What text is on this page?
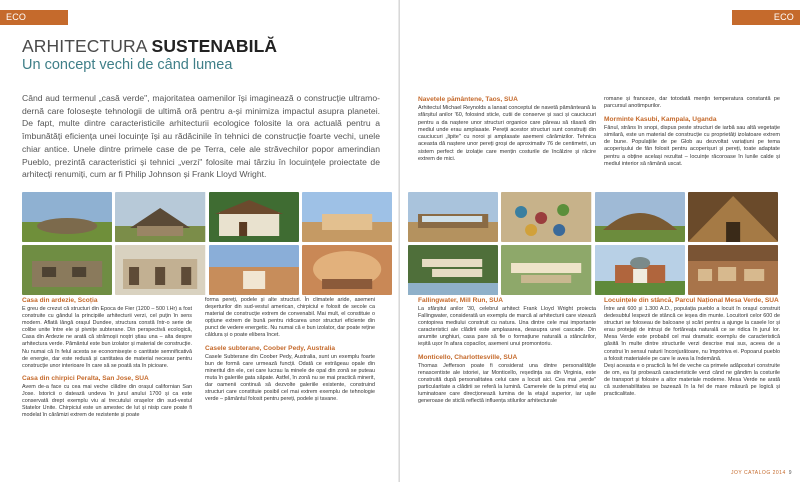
ECO ISTORIE
ARHITECTURA SUSTENABILĂ
Un concept vechi de când lumea
Când aud termenul „casă verde", majoritatea oamenilor își imaginează o construcție ultramodernă care folosește tehnologii de ultimă oră pentru a-și minimiza impactul asupra planetei. De fapt, multe dintre caracteristicile arhitecturii ecologice folosite la ora actuală pentru a îmbunătăți eficiența unei locuințe își au rădăcinile în tehnici de construcție foarte vechi, unele chiar antice. Unele dintre primele case de pe Terra, cele ale străvechilor popor amerindian Pueblo, prezintă caracteristici și tehnici „verzi" folosite mai târziu în locuințele proiectate de arhitecți renumiți, cum ar fi Philip Johnson și Frank Lloyd Wright.
Casa din ardezie, Scoția

E greu de crezut că structuri din Epoca de Fier (1200 – 500 î.Hr) a fost construite cu gândul la principiile arhitecturii verzi, cel puțin în sens modern. Aflată lângă orașul Dundee, structura constă într-o serie de colibe unite între ele și pivnițe subterane. Din perspectivă ecologică, Casa din Ardezie ne arată că strămoșii noștri știau una – alta despre arhitectura verde. Pământul este bun izolator și material de construcție. Nu numai că în felul acesta se economisește o cantitate semnificativă de energie, dar este redusă și cantitatea de material necesar pentru construcție unor interioare în care să se poată sta în picioare.

Casa din chirpici Peralta, San Jose, SUA

Avem de-a face cu cea mai veche clădire din orașul californian San Jose. Istoricii o datează undeva în jurul anului 1700 și ca este conservată drept exemplu viu al trecutului orașelor din sud-vestul Statelor Unite. Chirpiciul este un amestec de lut și nisip care poate fi modelat în cărămizi extrem de rezistente și poate

forma pereți, podele și alte structuri. În climatele aride, asemeni deșerturilor din sud-vestul american, chirpiciul e folosit de secole ca material de construcție extrem de convenabil. Mai mult, el constituie o opțiune extrem de bună pentru ridicarea unor structuri eficiente din punct de vedere energetic. Nu numai că e bun izolator, dar poate reține căldura și o poate elibera încet.

Casele subterane, Coober Pedy, Australia

Casele Subterane din Coober Pedy, Australia, sunt un exemplu foarte bun de formă care urmează funcții. Odată ce extrăgeau opale din mineritul din ele, cei care lucrau la minele de opal din zonă se puteau muta în galeriile gata săpate. Astfel, în zonă nu se mai practică minerit, dar oamenii continuă să dezvolte galeriile existente, construind structuri care constituie posibil cel mai extrem exemplu de tehnologie verde – pământul folosit pentru pereți, podele și tavane.

ECO ISTORIE
Navetele pământene, Taos, SUA

Arhitectul Michael Reynolds a lansat conceptul de navetă pământeană la sfârșitul anilor '60, folosind sticle, cutii de conserve și saci și cauciucuri pentru a da naștere unor structuri organice care păreau să răsară din mediul unde erau amplasate. Pereții acestor structuri sunt construiți din cauciucuri „lipite" cu noroi și amplasate asemeni cărămizilor. Tehnica aceasta dă naștere unor pereți groși de aproximativ 76 de centimetri, un sistem perfect de izolație care mențin costurile de încălzire și răcire extrem de mici.

romane și franceze, dar totodată mențin temperatura constantă pe parcursul anotimpurilor.

Morminte Kasubi, Kampala, Uganda

Fânul, strâns în snopi, dispus peste structuri de iarbă sau altă vegetație similară, este un material de construcție cu proprietăți izolatoare extrem de bune. Populațiile de pe Glob au dezvoltat variațiuni pe tema acoperișului de fân folosit pentru acoperișuri și pereți, toate adaptate pentru a obține același rezultat – locuințe răcoroase în lunile calde și mediul interior să rămână uscat.

Fallingwater, Mill Run, SUA

La sfârșitul anilor '30, celebrul arhitect Frank Lloyd Wright proiecta Fallingwater, considerată un exemplu de marcă al arhitecturii care vizează contopirea mediului construit cu natura. Una dintre cele mai importante caracteristici ale clădirii este amplasarea, deasupra unei cascade. Din anumite unghiuri, casa pare să fie o formațiune naturală a stâncărilor, ieșită ușor în afara copacilor, asemeni unui promontoriu.

Monticello, Charlottesville, SUA

Thomas Jefferson poate fi considerat una dintre personalitățile renascentiste ale istoriei, iar Monticello, reședința sa din Virginia, este construită după personalitatea celui care a locuit aici. Cea mai „verde" particularitate a clădirii se referă la lumină. Camerele de la primul etaj au luminatoare care direcționează lumina de la etajul superior, iar ușile generoase de sticlă reflectă influența stilurilor arhitecturale

Locuințele din stâncă, Parcul Național Mesa Verde, SUA

Între anii 600 și 1.300 A.D., populația pueblo a locuit în orașul construit dedesubtul lespezii de stâncă ce ieșea din munte. Locuitorii celor 600 de structuri se foloseau de balcoane și scări pentru a ajunge la casele lor și erau protejați de intruși de fortăreața naturală ce se ridica în jurul lor. Mesa Verde este probabil cel mai dramatic exemplu de caracteristică găsită în multe dintre structurile verzi descrise mai sus, aceea de a construi în sensul naturii înconjurătoare, nu împotriva ei. Popoarul pueblo a folosit materialele pe care le avea la îndemână.

Deși aceasta e o practică la fel de veche ca primele adăposturi construite de om, ea își probează caracteristicile verzi când ne gândim la costurile de transport și folosire a altor materiale moderne. Mesa Verde ne arată că sustenabilitatea se bazează în la fel de mare măsură pe logică și practicalitate.

JOY CATALOG 2014 9
